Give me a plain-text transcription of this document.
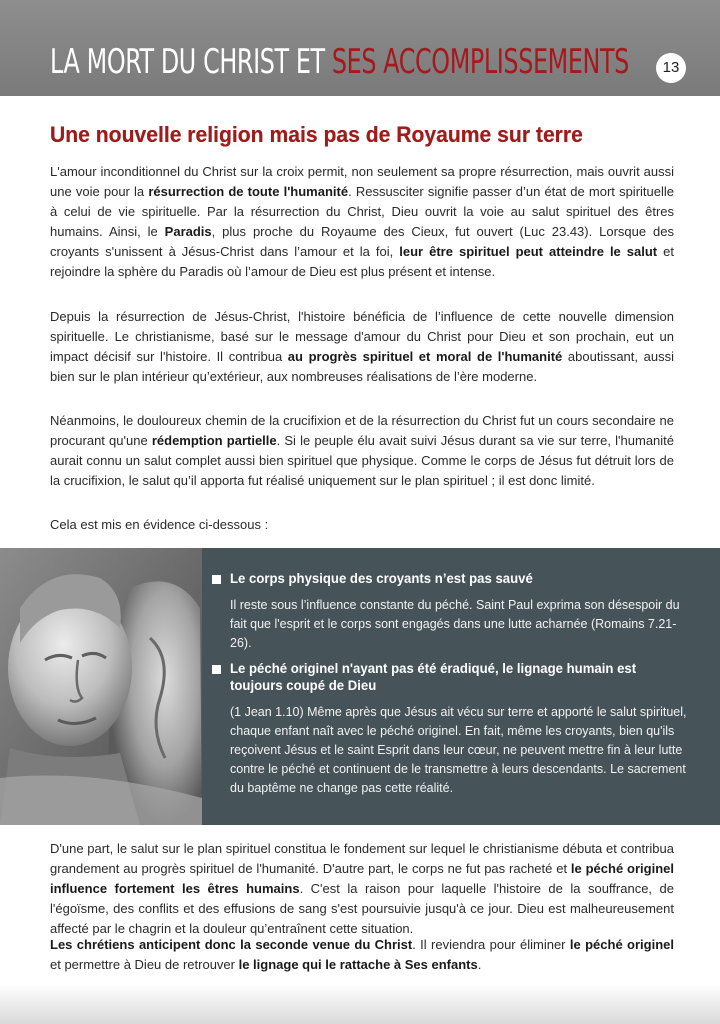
LA MORT DU CHRIST ET SES ACCOMPLISSEMENTS	13
Une nouvelle religion mais pas de Royaume sur terre

L'amour inconditionnel du Christ sur la croix permit, non seulement sa propre résurrection, mais ouvrit aussi une voie pour la résurrection de toute l'humanité. Ressusciter signifie passer d’un état de mort spirituelle à celui de vie spirituelle. Par la résurrection du Christ, Dieu ouvrit la voie au salut spirituel des êtres humains. Ainsi, le Paradis, plus proche du Royaume des Cieux, fut ouvert (Luc 23.43). Lorsque des croyants s'unissent à Jésus-Christ dans l’amour et la foi, leur être spirituel peut atteindre le salut et rejoindre la sphère du Paradis où l’amour de Dieu est plus présent et intense.

Depuis la résurrection de Jésus-Christ, l'histoire bénéficia de l’influence de cette nouvelle dimension spirituelle. Le christianisme, basé sur le message d'amour du Christ pour Dieu et son prochain, eut un impact décisif sur l'histoire. Il contribua au progrès spirituel et moral de l'humanité aboutissant, aussi bien sur le plan intérieur qu’extérieur, aux nombreuses réalisations de l’ère moderne.

Néanmoins, le douloureux chemin de la crucifixion et de la résurrection du Christ fut un cours secondaire ne procurant qu'une rédemption partielle. Si le peuple élu avait suivi Jésus durant sa vie sur terre, l'humanité aurait connu un salut complet aussi bien spirituel que physique. Comme le corps de Jésus fut détruit lors de la crucifixion, le salut qu’il apporta fut réalisé uniquement sur le plan spirituel ; il est donc limité.

Cela est mis en évidence ci-dessous :

Le corps physique des croyants n’est pas sauvé
Il reste sous l’influence constante du péché. Saint Paul exprima son désespoir du fait que l'esprit et le corps sont engagés dans une lutte acharnée (Romains 7.21-26).
Le péché originel n'ayant pas été éradiqué, le lignage humain est toujours coupé de Dieu
(1 Jean 1.10) Même après que Jésus ait vécu sur terre et apporté le salut spirituel, chaque enfant naît avec le péché originel. En fait, même les croyants, bien qu'ils reçoivent Jésus et le saint Esprit dans leur cœur, ne peuvent mettre fin à leur lutte contre le péché et continuent de le transmettre à leurs descendants. Le sacrement du baptême ne change pas cette réalité.

D'une part, le salut sur le plan spirituel constitua le fondement sur lequel le christianisme débuta et contribua grandement au progrès spirituel de l'humanité. D'autre part, le corps ne fut pas racheté et le péché originel influence fortement les êtres humains. C'est la raison pour laquelle l'histoire de la souffrance, de l'égoïsme, des conflits et des effusions de sang s'est poursuivie jusqu'à ce jour. Dieu est malheureusement affecté par le chagrin et la douleur qu’entraînent cette situation.

Les chrétiens anticipent donc la seconde venue du Christ. Il reviendra pour éliminer le péché originel et permettre à Dieu de retrouver le lignage qui le rattache à Ses enfants.
